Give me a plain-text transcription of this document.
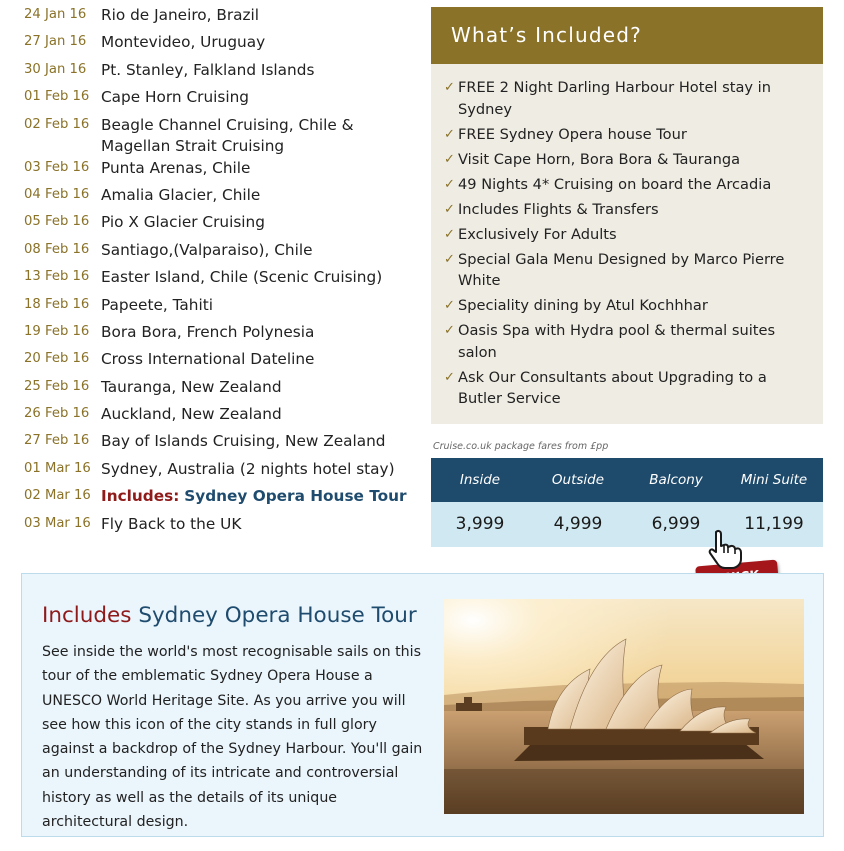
24 Jan 16 Rio de Janeiro, Brazil
27 Jan 16 Montevideo, Uruguay
30 Jan 16 Pt. Stanley, Falkland Islands
01 Feb 16 Cape Horn Cruising
02 Feb 16 Beagle Channel Cruising, Chile & Magellan Strait Cruising
03 Feb 16 Punta Arenas, Chile
04 Feb 16 Amalia Glacier, Chile
05 Feb 16 Pio X Glacier Cruising
08 Feb 16 Santiago,(Valparaiso), Chile
13 Feb 16 Easter Island, Chile (Scenic Cruising)
18 Feb 16 Papeete, Tahiti
19 Feb 16 Bora Bora, French Polynesia
20 Feb 16 Cross International Dateline
25 Feb 16 Tauranga, New Zealand
26 Feb 16 Auckland, New Zealand
27 Feb 16 Bay of Islands Cruising, New Zealand
01 Mar 16 Sydney, Australia (2 nights hotel stay)
02 Mar 16 Includes: Sydney Opera House Tour
03 Mar 16 Fly Back to the UK
What’s Included?
✓ FREE 2 Night Darling Harbour Hotel stay in Sydney
✓ FREE Sydney Opera house Tour
✓ Visit Cape Horn, Bora Bora & Tauranga
✓ 49 Nights 4* Cruising on board the Arcadia
✓ Includes Flights & Transfers
✓ Exclusively For Adults
✓ Special Gala Menu Designed by Marco Pierre White
✓ Speciality dining by Atul Kochhhar
✓ Oasis Spa with Hydra pool & thermal suites salon
✓ Ask Our Consultants about Upgrading to a Butler Service
Cruise.co.uk package fares from £pp
Inside	Outside	Balcony	Mini Suite
3,999	4,999	6,999	11,199
Includes Sydney Opera House Tour
See inside the world's most recognisable sails on this tour of the emblematic Sydney Opera House a UNESCO World Heritage Site. As you arrive you will see how this icon of the city stands in full glory against a backdrop of the Sydney Harbour. You'll gain an understanding of its intricate and controversial history as well as the details of its unique architectural design.
